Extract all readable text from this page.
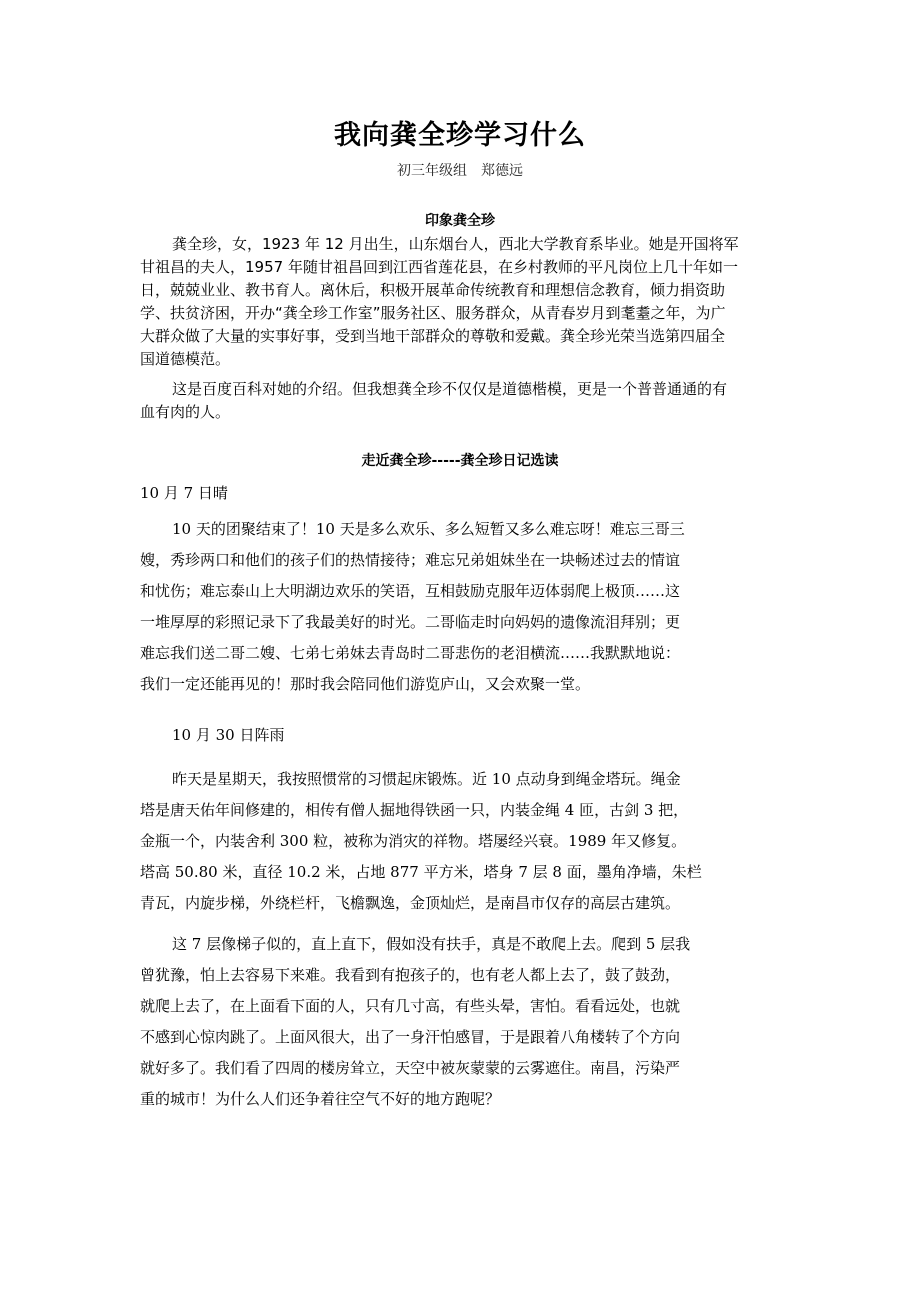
我向龚全珍学习什么
初三年级组　郑德远
印象龚全珍
龚全珍，女，1923 年 12 月出生，山东烟台人，西北大学教育系毕业。她是开国将军
甘祖昌的夫人，1957 年随甘祖昌回到江西省莲花县，在乡村教师的平凡岗位上几十年如一
日，兢兢业业、教书育人。离休后，积极开展革命传统教育和理想信念教育，倾力捐资助
学、扶贫济困，开办“龚全珍工作室”服务社区、服务群众，从青春岁月到耄耋之年，为广
大群众做了大量的实事好事，受到当地干部群众的尊敬和爱戴。龚全珍光荣当选第四届全
国道德模范。
这是百度百科对她的介绍。但我想龚全珍不仅仅是道德楷模，更是一个普普通通的有
血有肉的人。
走近龚全珍-----龚全珍日记选读
10 月 7 日晴
10 天的团聚结束了！10 天是多么欢乐、多么短暂又多么难忘呀！难忘三哥三
嫂，秀珍两口和他们的孩子们的热情接待；难忘兄弟姐妹坐在一块畅述过去的情谊
和忧伤；难忘泰山上大明湖边欢乐的笑语，互相鼓励克服年迈体弱爬上极顶……这
一堆厚厚的彩照记录下了我最美好的时光。二哥临走时向妈妈的遗像流泪拜别；更
难忘我们送二哥二嫂、七弟七弟妹去青岛时二哥悲伤的老泪横流……我默默地说：
我们一定还能再见的！那时我会陪同他们游览庐山，又会欢聚一堂。
10 月 30 日阵雨
昨天是星期天，我按照惯常的习惯起床锻炼。近 10 点动身到绳金塔玩。绳金
塔是唐天佑年间修建的，相传有僧人掘地得铁函一只，内装金绳 4 匝，古剑 3 把，
金瓶一个，内装舍利 300 粒，被称为消灾的祥物。塔屡经兴衰。1989 年又修复。
塔高 50.80 米，直径 10.2 米，占地 877 平方米，塔身 7 层 8 面，墨角净墙，朱栏
青瓦，内旋步梯，外绕栏杆，飞檐飘逸，金顶灿烂，是南昌市仅存的高层古建筑。
这 7 层像梯子似的，直上直下，假如没有扶手，真是不敢爬上去。爬到 5 层我
曾犹豫，怕上去容易下来难。我看到有抱孩子的，也有老人都上去了，鼓了鼓劲，
就爬上去了，在上面看下面的人，只有几寸高，有些头晕，害怕。看看远处，也就
不感到心惊肉跳了。上面风很大，出了一身汗怕感冒，于是跟着八角楼转了个方向
就好多了。我们看了四周的楼房耸立，天空中被灰蒙蒙的云雾遮住。南昌，污染严
重的城市！为什么人们还争着往空气不好的地方跑呢？
